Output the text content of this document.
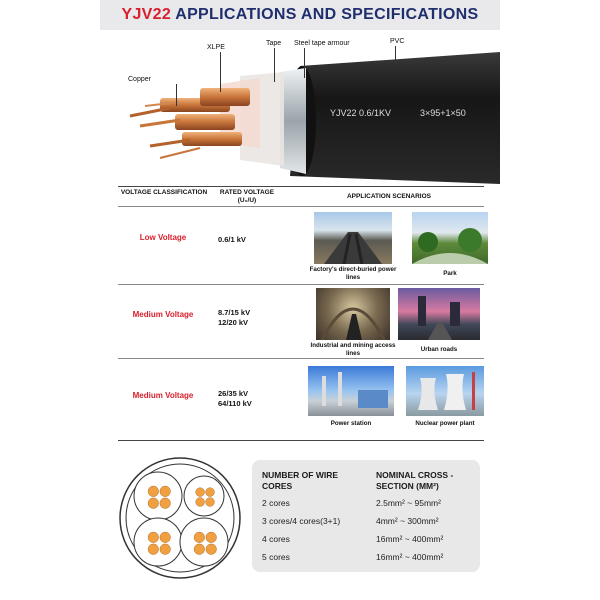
YJV22 APPLICATIONS AND SPECIFICATIONS
YJV22 0.6/1KV	3×95+1×50
Copper
XLPE
Tape Steel tape armour	PVC
VOLTAGE CLASSIFICATION	RATED VOLTAGE (U₀/U)
APPLICATION SCENARIOS
Low Voltage	0.6/1 kV
Factory's direct-buried power lines	Park
Medium Voltage	8.7/15 kV
12/20 kV
Industrial and mining access lines	Urban roads
Medium Voltage	26/35 kV
64/110 kV
Power station	Nuclear power plant
NUMBER OF WIRE CORES
NOMINAL CROSS -SECTION (MM²)
2 cores	2.5mm² ~ 95mm²
3 cores/4 cores(3+1)	4mm² ~ 300mm²
4 cores	16mm² ~ 400mm²
5 cores	16mm² ~ 400mm²
